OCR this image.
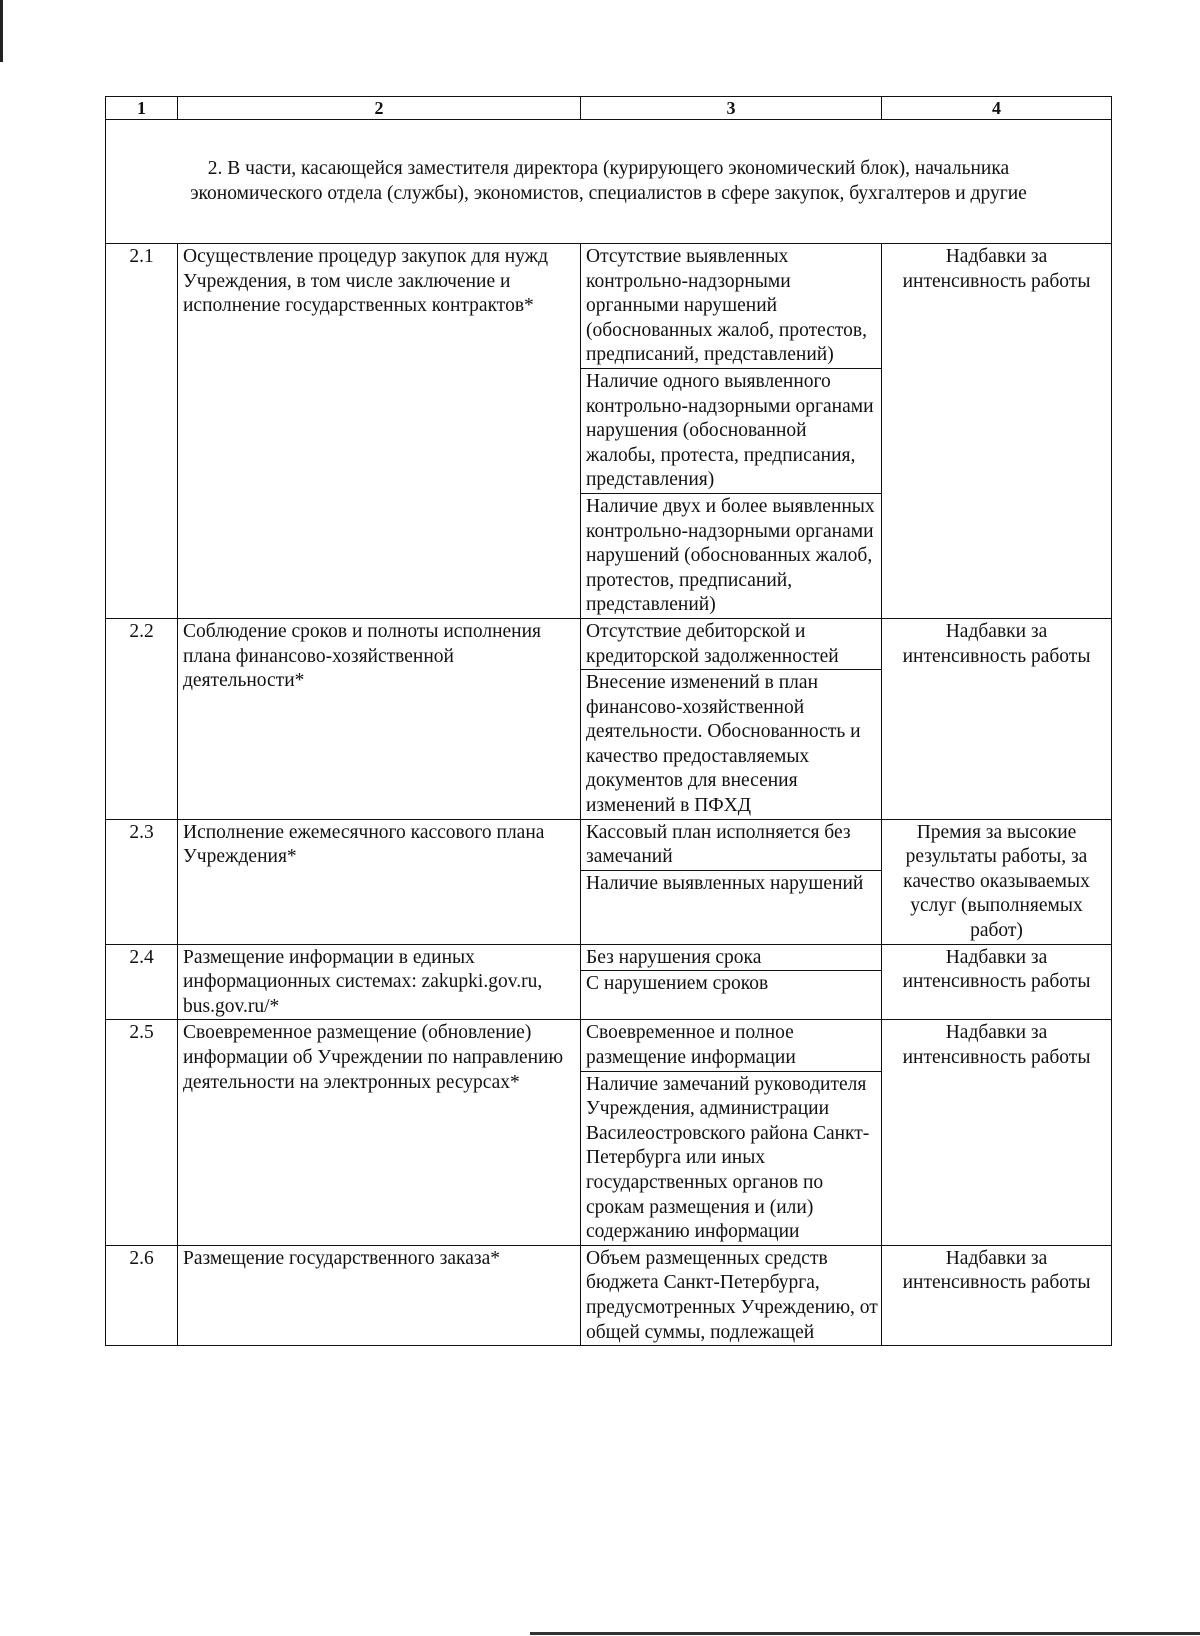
1	2	3	4
2. В части, касающейся заместителя директора (курирующего экономический блок), начальника экономического отдела (службы), экономистов, специалистов в сфере закупок, бухгалтеров и другие			
2.1	Осуществление процедур закупок для нужд Учреждения, в том числе заключение и исполнение государственных контрактов*	Отсутствие выявленных контрольно-надзорными органными нарушений (обоснованных жалоб, протестов, предписаний, представлений)
Наличие одного выявленного контрольно-надзорными органами нарушения (обоснованной жалобы, протеста, предписания, представления)
Наличие двух и более выявленных контрольно-надзорными органами нарушений (обоснованных жалоб, протестов, предписаний, представлений)	Надбавки за интенсивность работы
2.2	Соблюдение сроков и полноты исполнения плана финансово-хозяйственной деятельности*	Отсутствие дебиторской и кредиторской задолженностей
Внесение изменений в план финансово-хозяйственной деятельности. Обоснованность и качество предоставляемых документов для внесения изменений в ПФХД	Надбавки за интенсивность работы
2.3	Исполнение ежемесячного кассового плана Учреждения*	Кассовый план исполняется без замечаний
Наличие выявленных нарушений	Премия за высокие результаты работы, за качество оказываемых услуг (выполняемых работ)
2.4	Размещение информации в единых информационных системах: zakupki.gov.ru, bus.gov.ru/*	Без нарушения срока
С нарушением сроков	Надбавки за интенсивность работы
2.5	Своевременное размещение (обновление) информации об Учреждении по направлению деятельности на электронных ресурсах*	Своевременное и полное размещение информации
Наличие замечаний руководителя Учреждения, администрации Василеостровского района Санкт-Петербурга или иных государственных органов по срокам размещения и (или) содержанию информации	Надбавки за интенсивность работы
2.6	Размещение государственного заказа*	Объем размещенных средств бюджета Санкт-Петербурга, предусмотренных Учреждению, от общей суммы, подлежащей	Надбавки за интенсивность работы
